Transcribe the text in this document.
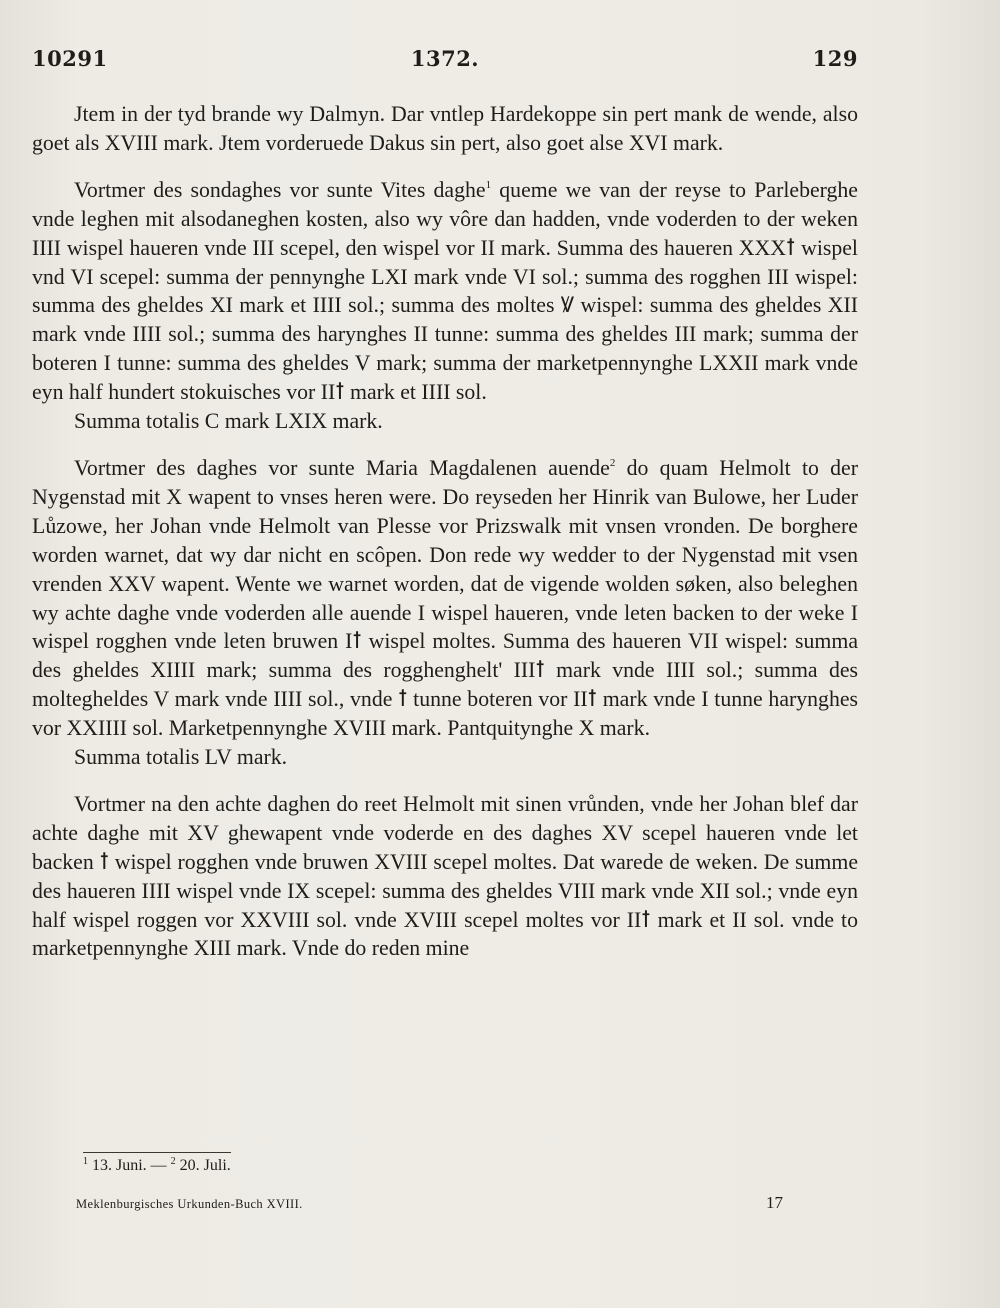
10291	1372.	129

Jtem in der tyd brande wy Dalmyn. Dar vntlep Hardekoppe sin pert mank de wende, also goet als XVIII mark. Jtem vorderuede Dakus sin pert, also goet alse XVI mark.

Vortmer des sondaghes vor sunte Vites daghe$^1$ queme we van der reyse to Parleberghe vnde leghen mit alsodaneghen kosten, also wy vôre dan hadden, vnde voderden to der weken IIII wispel haueren vnde III scepel, den wispel vor II mark. Summa des haueren XXXꝉ wispel vnd VI scepel: summa der pennynghe LXI mark vnde VI sol.; summa des rogghen III wispel: summa des gheldes XI mark et IIII sol.; summa des moltes Ꝟ wispel: summa des gheldes XII mark vnde IIII sol.; summa des harynghes II tunne: summa des gheldes III mark; summa der boteren I tunne: summa des gheldes V mark; summa der marketpennynghe LXXII mark vnde eyn half hundert stokuisches vor IIꝉ mark et IIII sol.

Summa totalis C mark LXIX mark.

Vortmer des daghes vor sunte Maria Magdalenen auende$^2$ do quam Helmolt to der Nygenstad mit X wapent to vnses heren were. Do reyseden her Hinrik van Bulowe, her Luder Lůzowe, her Johan vnde Helmolt van Plesse vor Prizswalk mit vnsen vronden. De borghere worden warnet, dat wy dar nicht en scôpen. Don rede wy wedder to der Nygenstad mit vsen vrenden XXV wapent. Wente we warnet worden, dat de vigende wolden søken, also beleghen wy achte daghe vnde voderden alle auende I wispel haueren, vnde leten backen to der weke I wispel rogghen vnde leten bruwen Iꝉ wispel moltes. Summa des haueren VII wispel: summa des gheldes XIIII mark; summa des rogghenghelt' IIIꝉ mark vnde IIII sol.; summa des moltegheldes V mark vnde IIII sol., vnde ꝉ tunne boteren vor IIꝉ mark vnde I tunne harynghes vor XXIIII sol. Marketpennynghe XVIII mark. Pantquitynghe X mark.

Summa totalis LV mark.

Vortmer na den achte daghen do reet Helmolt mit sinen vrůnden, vnde her Johan blef dar achte daghe mit XV ghewapent vnde voderde en des daghes XV scepel haueren vnde let backen ꝉ wispel rogghen vnde bruwen XVIII scepel moltes. Dat warede de weken. De summe des haueren IIII wispel vnde IX scepel: summa des gheldes VIII mark vnde XII sol.; vnde eyn half wispel roggen vor XXVIII sol. vnde XVIII scepel moltes vor IIꝉ mark et II sol. vnde to marketpennynghe XIII mark. Vnde do reden mine

$^1$ 13. Juni. — $^2$ 20. Juli.
Meklenburgisches Urkunden-Buch XVIII.	17
